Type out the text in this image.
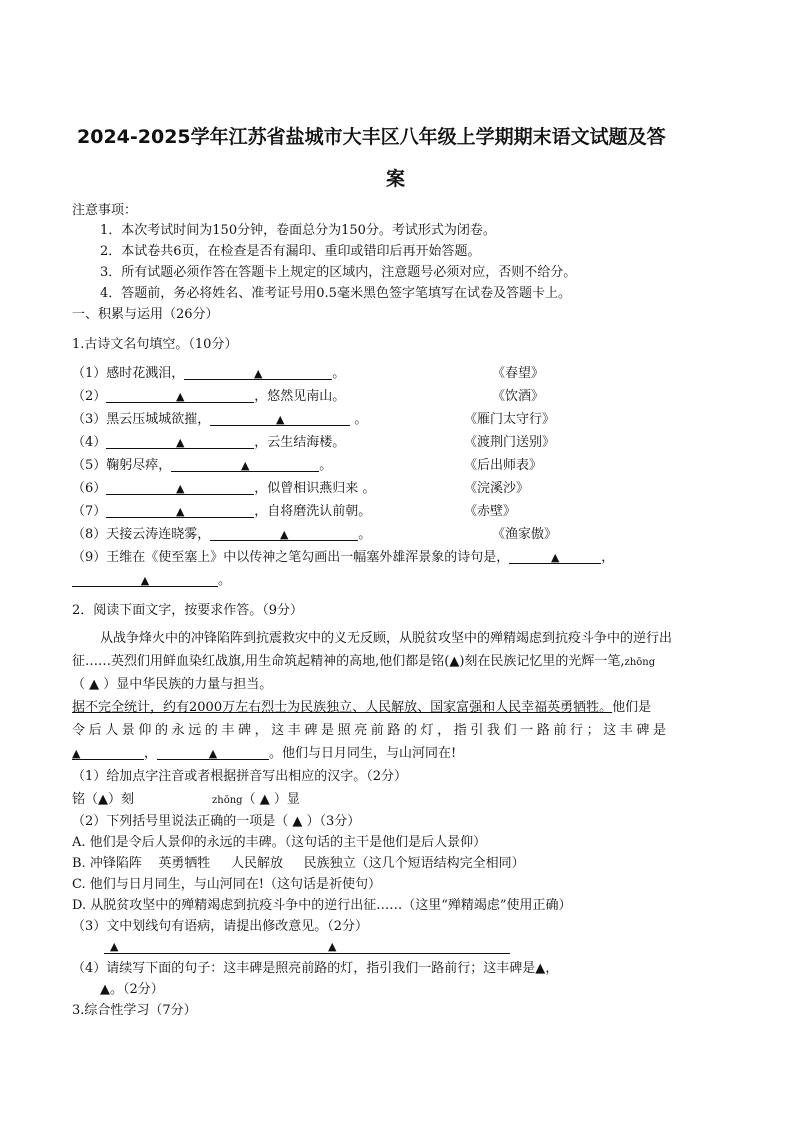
2024-2025学年江苏省盐城市大丰区八年级上学期期末语文试题及答
案
注意事项：
1．本次考试时间为150分钟，卷面总分为150分。考试形式为闭卷。
2．本试卷共6页，在检查是否有漏印、重印或错印后再开始答题。
3．所有试题必须作答在答题卡上规定的区域内，注意题号必须对应，否则不给分。
4．答题前，务必将姓名、准考证号用0.5毫米黑色签字笔填写在试卷及答题卡上。
一、积累与运用（26分）
1.古诗文名句填空。（10分）
（1）感时花溅泪，	▲	。	《春望》
（2）	▲	，悠然见南山。	《饮酒》
（3）黑云压城城欲摧，	▲	。	《雁门太守行》
（4）	▲	，云生结海楼。	《渡荆门送别》
（5）鞠躬尽瘁，	▲	。	《后出师表》
（6）	▲	，似曾相识燕归来 。	《浣溪沙》
（7）	▲	，自将磨洗认前朝。	《赤壁》
（8）天接云涛连晓雾，	▲	。	《渔家傲》
（9）王维在《使至塞上》中以传神之笔勾画出一幅塞外雄浑景象的诗句是，	▲	，
▲	。
2．阅读下面文字，按要求作答。（9分）
从战争烽火中的冲锋陷阵到抗震救灾中的义无反顾，从脱贫攻坚中的殚精竭虑到抗疫斗争中的逆行出
征……英烈们用鲜血染红战旗,用生命筑起精神的高地,他们都是铭(▲)刻在民族记忆里的光辉一笔,zhōng
（ ▲ ）显中华民族的力量与担当。
据不完全统计，约有2000万左右烈士为民族独立、人民解放、国家富强和人民幸福英勇牺牲。他们是
令后人景仰的永远的丰碑，这丰碑是照亮前路的灯，指引我们一路前行；这丰碑是
▲	，	▲	。他们与日月同生，与山河同在!
（1）给加点字注音或者根据拼音写出相应的汉字。（2分）
铭（▲）刻	zhōng（ ▲ ）显
（2）下列括号里说法正确的一项是（ ▲ ）（3分）
A. 他们是令后人景仰的永远的丰碑。（这句话的主干是他们是后人景仰）
B. 冲锋陷阵    英勇牺牲     人民解放     民族独立（这几个短语结构完全相同）
C. 他们与日月同生，与山河同在!（这句话是祈使句）
D. 从脱贫攻坚中的殚精竭虑到抗疫斗争中的逆行出征……（这里“殚精竭虑”使用正确）
（3）文中划线句有语病，请提出修改意见。（2分）
▲	▲
（4）请续写下面的句子：这丰碑是照亮前路的灯，指引我们一路前行；这丰碑是▲，
▲。（2分）
3.综合性学习（7分）
